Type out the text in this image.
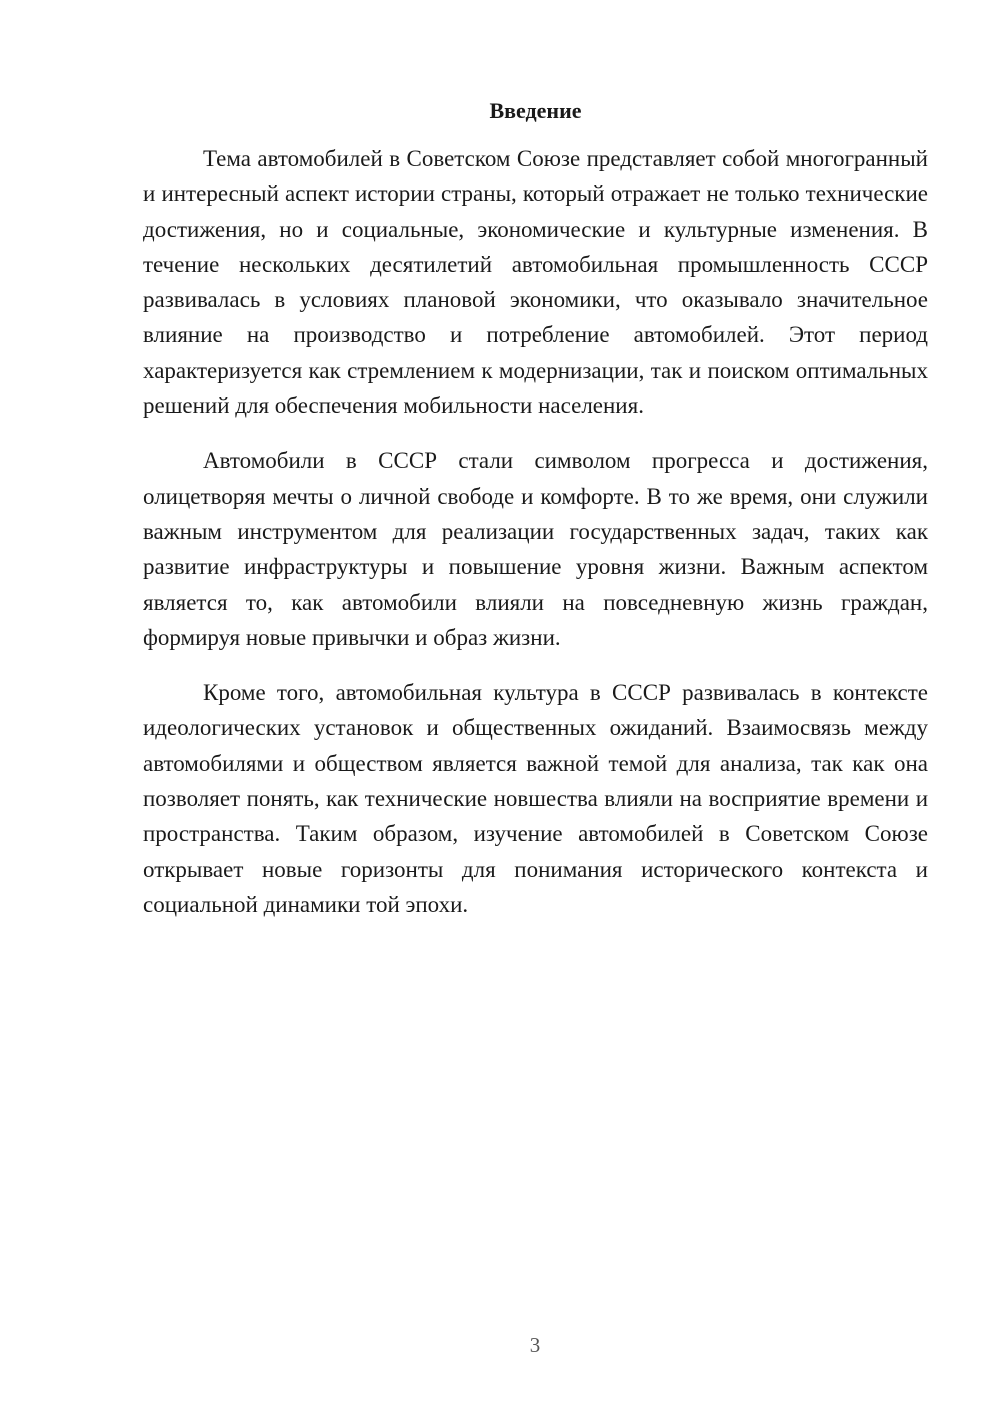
Введение

Тема автомобилей в Советском Союзе представляет собой многогранный и интересный аспект истории страны, который отражает не только технические достижения, но и социальные, экономические и культурные изменения. В течение нескольких десятилетий автомобильная промышленность СССР развивалась в условиях плановой экономики, что оказывало значительное влияние на производство и потребление автомобилей. Этот период характеризуется как стремлением к модернизации, так и поиском оптимальных решений для обеспечения мобильности населения.

Автомобили в СССР стали символом прогресса и достижения, олицетворяя мечты о личной свободе и комфорте. В то же время, они служили важным инструментом для реализации государственных задач, таких как развитие инфраструктуры и повышение уровня жизни. Важным аспектом является то, как автомобили влияли на повседневную жизнь граждан, формируя новые привычки и образ жизни.

Кроме того, автомобильная культура в СССР развивалась в контексте идеологических установок и общественных ожиданий. Взаимосвязь между автомобилями и обществом является важной темой для анализа, так как она позволяет понять, как технические новшества влияли на восприятие времени и пространства. Таким образом, изучение автомобилей в Советском Союзе открывает новые горизонты для понимания исторического контекста и социальной динамики той эпохи.

3
